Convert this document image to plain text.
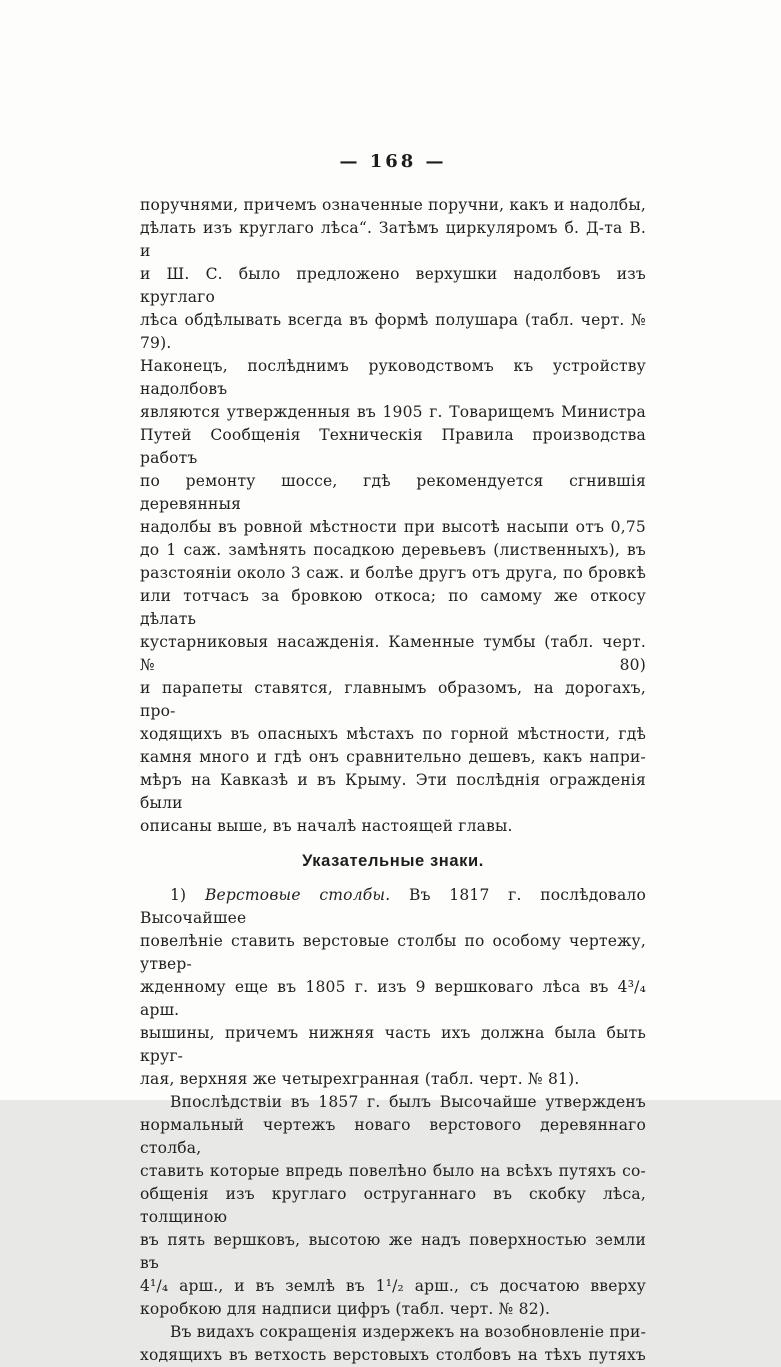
— 168 —
поручнями, причемъ означенные поручни, какъ и надолбы,
дѣлать изъ круглаго лѣса“. Затѣмъ циркуляромъ б. Д-та В. и
и Ш. С. было предложено верхушки надолбовъ изъ круглаго
лѣса обдѣлывать всегда въ формѣ полушара (табл. черт. № 79).
Наконецъ, послѣднимъ руководствомъ къ устройству надолбовъ
являются утвержденныя въ 1905 г. Товарищемъ Министра
Путей Сообщенія Техническія Правила производства работъ
по ремонту шоссе, гдѣ рекомендуется сгнившія деревянныя
надолбы въ ровной мѣстности при высотѣ насыпи отъ 0,75
до 1 саж. замѣнять посадкою деревьевъ (лиственныхъ), въ
разстояніи около 3 саж. и болѣе другъ отъ друга, по бровкѣ
или тотчасъ за бровкою откоса; по самому же откосу дѣлать
кустарниковыя насажденія. Каменные тумбы (табл. черт. № 80)
и парапеты ставятся, главнымъ образомъ, на дорогахъ, про-
ходящихъ въ опасныхъ мѣстахъ по горной мѣстности, гдѣ
камня много и гдѣ онъ сравнительно дешевъ, какъ напри-
мѣръ на Кавказѣ и въ Крыму. Эти послѣднія огражденія были
описаны выше, въ началѣ настоящей главы.
Указательные знаки.
1) Верстовые столбы. Въ 1817 г. послѣдовало Высочайшее
повелѣніе ставить верстовые столбы по особому чертежу, утвер-
жденному еще въ 1805 г. изъ 9 вершковаго лѣса въ 4³/₄ арш.
вышины, причемъ нижняя часть ихъ должна была быть круг-
лая, верхняя же четырехгранная (табл. черт. № 81).
Впослѣдствіи въ 1857 г. былъ Высочайше утвержденъ
нормальный чертежъ новаго верстового деревяннаго столба,
ставить которые впредь повелѣно было на всѣхъ путяхъ со-
общенія изъ круглаго оструганнаго въ скобку лѣса, толщиною
въ пять вершковъ, высотою же надъ поверхностью земли въ
4¹/₄ арш., и въ землѣ въ 1¹/₂ арш., съ досчатою вверху
коробкою для надписи цифръ (табл. черт. № 82).
Въ видахъ сокращенія издержекъ на возобновленіе при-
ходящихъ въ ветхость верстовыхъ столбовъ на тѣхъ путяхъ
